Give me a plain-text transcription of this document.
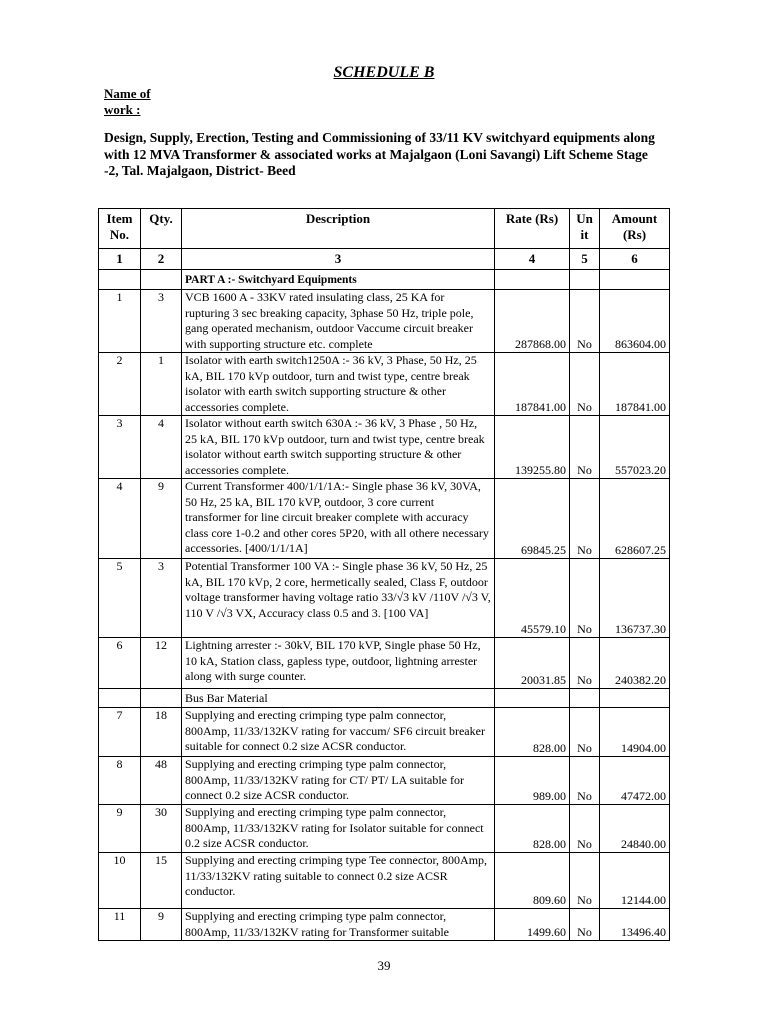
SCHEDULE B
Name of work :
Design, Supply, Erection, Testing and Commissioning of 33/11 KV switchyard equipments along with 12 MVA Transformer & associated works at Majalgaon (Loni Savangi) Lift Scheme Stage -2, Tal. Majalgaon, District- Beed
Item No.	Qty.	Description	Rate (Rs)	Un it	Amount (Rs)
1	2	3	4	5	6
		PART A :- Switchyard Equipments			
1	3	VCB 1600 A - 33KV rated insulating class, 25 KA for rupturing 3 sec breaking capacity, 3phase 50 Hz, triple pole, gang operated mechanism, outdoor Vaccume circuit breaker with supporting structure etc. complete	287868.00	No	863604.00
2	1	Isolator with earth switch1250A :- 36 kV, 3 Phase, 50 Hz, 25 kA, BIL 170 kVp outdoor, turn and twist type, centre break isolator with earth switch supporting structure & other accessories complete.	187841.00	No	187841.00
3	4	Isolator without earth switch 630A :- 36 kV, 3 Phase , 50 Hz, 25 kA, BIL 170 kVp outdoor, turn and twist type, centre break isolator without earth switch supporting structure & other accessories complete.	139255.80	No	557023.20
4	9	Current Transformer 400/1/1/1A:- Single phase 36 kV, 30VA, 50 Hz, 25 kA, BIL 170 kVP, outdoor, 3 core current transformer for line circuit breaker complete with accuracy class core 1-0.2 and other cores 5P20, with all othere necessary accessories. [400/1/1/1A]	69845.25	No	628607.25
5	3	Potential Transformer 100 VA :- Single phase 36 kV, 50 Hz, 25 kA, BIL 170 kVp, 2 core, hermetically sealed, Class F, outdoor voltage transformer having voltage ratio 33/√3 kV /110V /√3 V, 110 V /√3 VX, Accuracy class 0.5 and 3. [100 VA]	45579.10	No	136737.30
6	12	Lightning arrester :- 30kV, BIL 170 kVP, Single phase 50 Hz, 10 kA, Station class, gapless type, outdoor, lightning arrester along with surge counter.	20031.85	No	240382.20
		Bus Bar Material			
7	18	Supplying and erecting crimping type palm connector, 800Amp, 11/33/132KV rating for vaccum/ SF6 circuit breaker suitable for connect 0.2 size ACSR conductor.	828.00	No	14904.00
8	48	Supplying and erecting crimping type palm connector, 800Amp, 11/33/132KV rating for CT/ PT/ LA suitable for connect 0.2 size ACSR conductor.	989.00	No	47472.00
9	30	Supplying and erecting crimping type palm connector, 800Amp, 11/33/132KV rating for Isolator suitable for connect 0.2 size ACSR conductor.	828.00	No	24840.00
10	15	Supplying and erecting crimping type Tee connector, 800Amp, 11/33/132KV rating suitable to connect 0.2 size ACSR conductor.	809.60	No	12144.00
11	9	Supplying and erecting crimping type palm connector, 800Amp, 11/33/132KV rating for Transformer suitable	1499.60	No	13496.40
39
